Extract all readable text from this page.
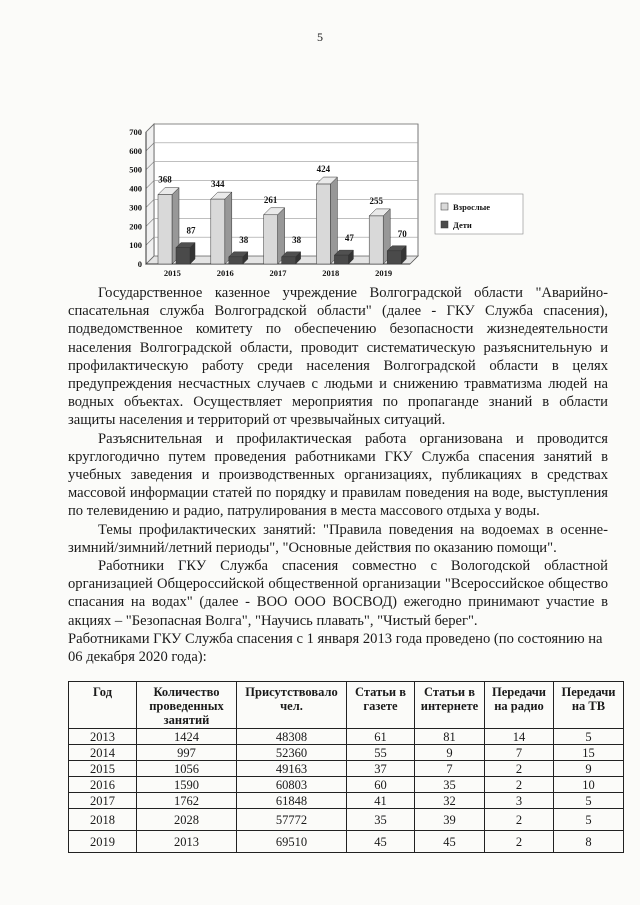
5
0
100
200
300
400
500
600
700
368
87
2015
344
38
2016
261
38
2017
424
47
2018
255
70
2019
Взрослые
Дети

Государственное казенное учреждение Волгоградской области "Аварийно-спасательная служба Волгоградской области" (далее - ГКУ Служба спасения), подведомственное комитету по обеспечению безопасности жизнедеятельности населения Волгоградской области, проводит систематическую разъяснительную и профилактическую работу среди населения Волгоградской области в целях предупреждения несчастных случаев с людьми и снижению травматизма людей на водных объектах. Осуществляет мероприятия по пропаганде знаний в области защиты населения и территорий от чрезвычайных ситуаций.

Разъяснительная и профилактическая работа организована и проводится круглогодично путем проведения работниками ГКУ Служба спасения занятий в учебных заведения и производственных организациях, публикациях в средствах массовой информации статей по порядку и правилам поведения на воде, выступления по телевидению и радио, патрулирования в места массового отдыха у воды.

Темы профилактических занятий: "Правила поведения на водоемах в осенне-зимний/зимний/летний периоды", "Основные действия по оказанию помощи".

Работники ГКУ Служба спасения совместно с Вологодской областной организацией Общероссийской общественной организации "Всероссийское общество спасания на водах" (далее - ВОО ООО ВОСВОД) ежегодно принимают участие в акциях – "Безопасная Волга", "Научись плавать", "Чистый берег".

Работниками ГКУ Служба спасения с 1 января 2013 года проведено (по состоянию на 06 декабря 2020 года):

Год	Количество проведенных занятий	Присутствовало чел.	Статьи в газете	Статьи в интернете	Передачи на радио	Передачи на ТВ
2013	1424	48308	61	81	14	5
2014	997	52360	55	9	7	15
2015	1056	49163	37	7	2	9
2016	1590	60803	60	35	2	10
2017	1762	61848	41	32	3	5
2018	2028	57772	35	39	2	5
2019	2013	69510	45	45	2	8
